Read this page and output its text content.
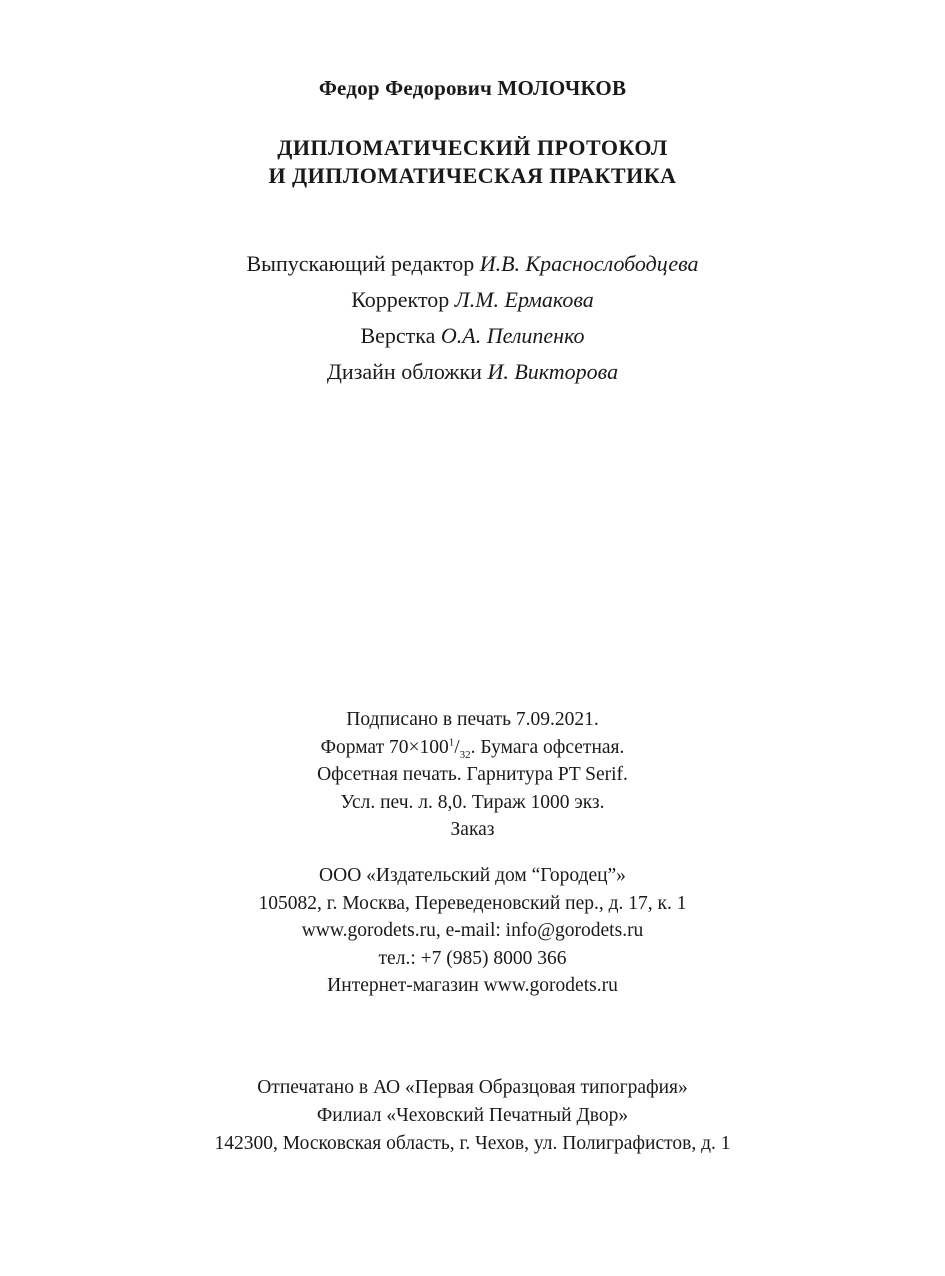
Федор Федорович МОЛОЧКОВ
ДИПЛОМАТИЧЕСКИЙ ПРОТОКОЛ
И ДИПЛОМАТИЧЕСКАЯ ПРАКТИКА
Выпускающий редактор И.В. Краснослободцева
Корректор Л.М. Ермакова
Верстка О.А. Пелипенко
Дизайн обложки И. Викторова
Подписано в печать 7.09.2021.
Формат $70\times 100^1/_{32}$. Бумага офсетная.
Офсетная печать. Гарнитура PT Serif.
Усл. печ. л. 8,0. Тираж 1000 экз.
Заказ
ООО «Издательский дом “Городец”»
105082, г. Москва, Переведеновский пер., д. 17, к. 1
www.gorodets.ru, e-mail: info@gorodets.ru
тел.: +7 (985) 8000 366
Интернет-магазин www.gorodets.ru
Отпечатано в АО «Первая Образцовая типография»
Филиал «Чеховский Печатный Двор»
142300, Московская область, г. Чехов, ул. Полиграфистов, д. 1
